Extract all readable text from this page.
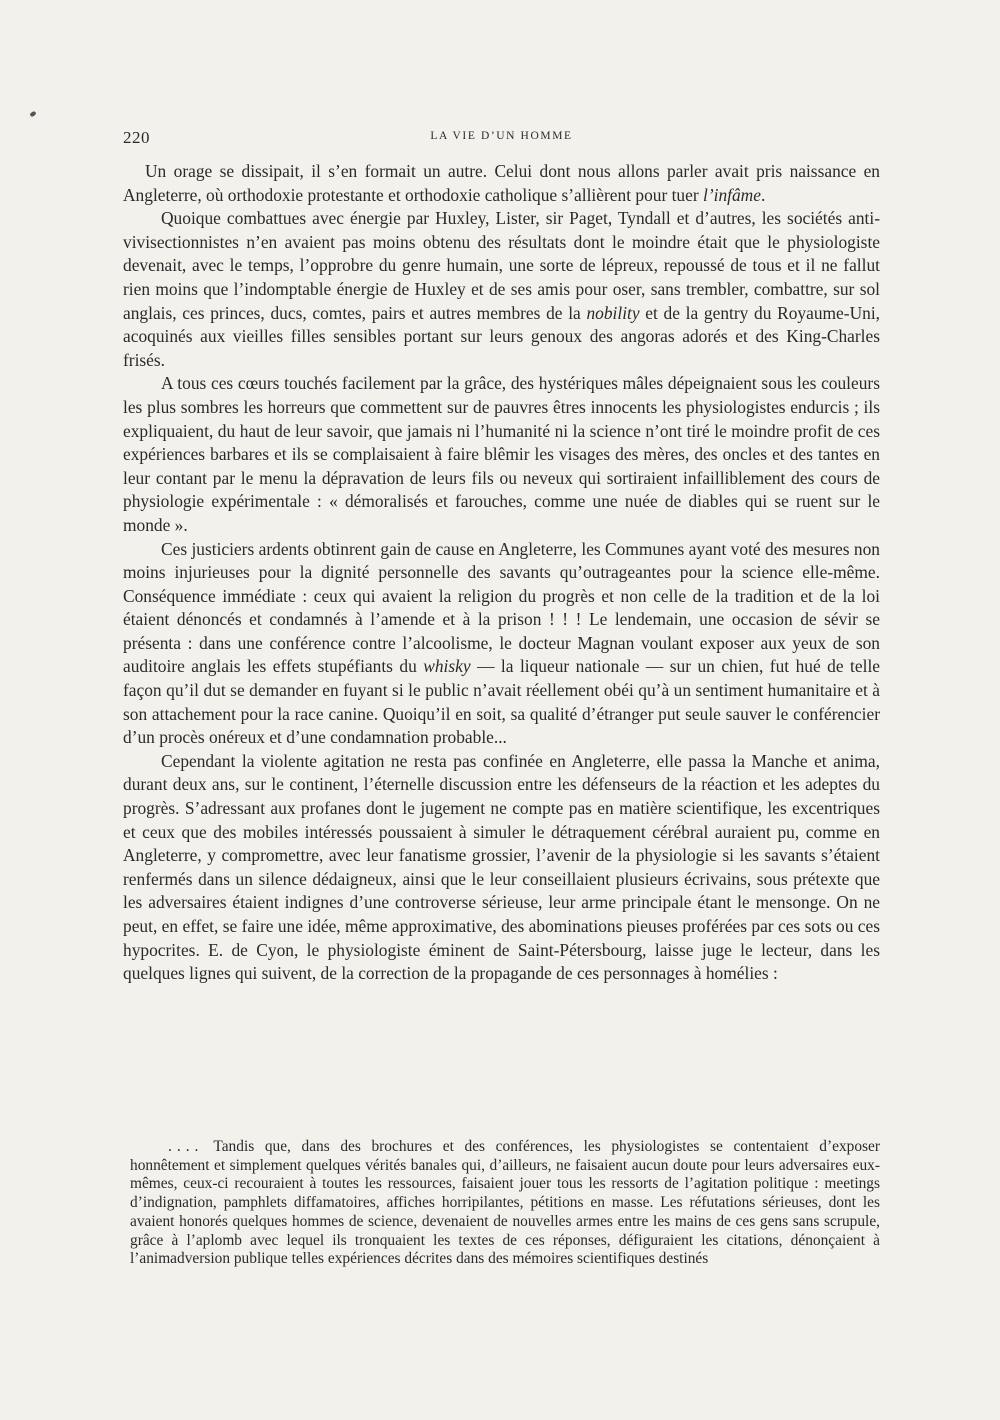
220	LA VIE D’UN HOMME

Un orage se dissipait, il s’en formait un autre. Celui dont nous allons parler avait pris naissance en Angleterre, où orthodoxie protestante et orthodoxie catholique s’allièrent pour tuer l’infâme.

Quoique combattues avec énergie par Huxley, Lister, sir Paget, Tyndall et d’autres, les sociétés anti-vivisectionnistes n’en avaient pas moins obtenu des résultats dont le moindre était que le physiologiste devenait, avec le temps, l’opprobre du genre humain, une sorte de lépreux, repoussé de tous et il ne fallut rien moins que l’indomptable énergie de Huxley et de ses amis pour oser, sans trembler, combattre, sur sol anglais, ces princes, ducs, comtes, pairs et autres membres de la nobility et de la gentry du Royaume-Uni, acoquinés aux vieilles filles sensibles portant sur leurs genoux des angoras adorés et des King-Charles frisés.

A tous ces cœurs touchés facilement par la grâce, des hystériques mâles dépeignaient sous les couleurs les plus sombres les horreurs que commettent sur de pauvres êtres innocents les physiologistes endurcis ; ils expliquaient, du haut de leur savoir, que jamais ni l’humanité ni la science n’ont tiré le moindre profit de ces expériences barbares et ils se complaisaient à faire blêmir les visages des mères, des oncles et des tantes en leur contant par le menu la dépravation de leurs fils ou neveux qui sortiraient infailliblement des cours de physiologie expérimentale : « démoralisés et farouches, comme une nuée de diables qui se ruent sur le monde ».

Ces justiciers ardents obtinrent gain de cause en Angleterre, les Communes ayant voté des mesures non moins injurieuses pour la dignité personnelle des savants qu’outrageantes pour la science elle-même. Conséquence immédiate : ceux qui avaient la religion du progrès et non celle de la tradition et de la loi étaient dénoncés et condamnés à l’amende et à la prison ! ! ! Le lendemain, une occasion de sévir se présenta : dans une conférence contre l’alcoolisme, le docteur Magnan voulant exposer aux yeux de son auditoire anglais les effets stupéfiants du whisky — la liqueur nationale — sur un chien, fut hué de telle façon qu’il dut se demander en fuyant si le public n’avait réellement obéi qu’à un sentiment humanitaire et à son attachement pour la race canine. Quoiqu’il en soit, sa qualité d’étranger put seule sauver le conférencier d’un procès onéreux et d’une condamnation probable...

Cependant la violente agitation ne resta pas confinée en Angleterre, elle passa la Manche et anima, durant deux ans, sur le continent, l’éternelle discussion entre les défenseurs de la réaction et les adeptes du progrès. S’adressant aux profanes dont le jugement ne compte pas en matière scientifique, les excentriques et ceux que des mobiles intéressés poussaient à simuler le détraquement cérébral auraient pu, comme en Angleterre, y compromettre, avec leur fanatisme grossier, l’avenir de la physiologie si les savants s’étaient renfermés dans un silence dédaigneux, ainsi que le leur conseillaient plusieurs écrivains, sous prétexte que les adversaires étaient indignes d’une controverse sérieuse, leur arme principale étant le mensonge. On ne peut, en effet, se faire une idée, même approximative, des abominations pieuses proférées par ces sots ou ces hypocrites. E. de Cyon, le physiologiste éminent de Saint-Pétersbourg, laisse juge le lecteur, dans les quelques lignes qui suivent, de la correction de la propagande de ces personnages à homélies :

.... Tandis que, dans des brochures et des conférences, les physiologistes se contentaient d’exposer honnêtement et simplement quelques vérités banales qui, d’ailleurs, ne faisaient aucun doute pour leurs adversaires eux-mêmes, ceux-ci recouraient à toutes les ressources, faisaient jouer tous les ressorts de l’agitation politique : meetings d’indignation, pamphlets diffamatoires, affiches horripilantes, pétitions en masse. Les réfutations sérieuses, dont les avaient honorés quelques hommes de science, devenaient de nouvelles armes entre les mains de ces gens sans scrupule, grâce à l’aplomb avec lequel ils tronquaient les textes de ces réponses, défiguraient les citations, dénonçaient à l’animadversion publique telles expériences décrites dans des mémoires scientifiques destinés
